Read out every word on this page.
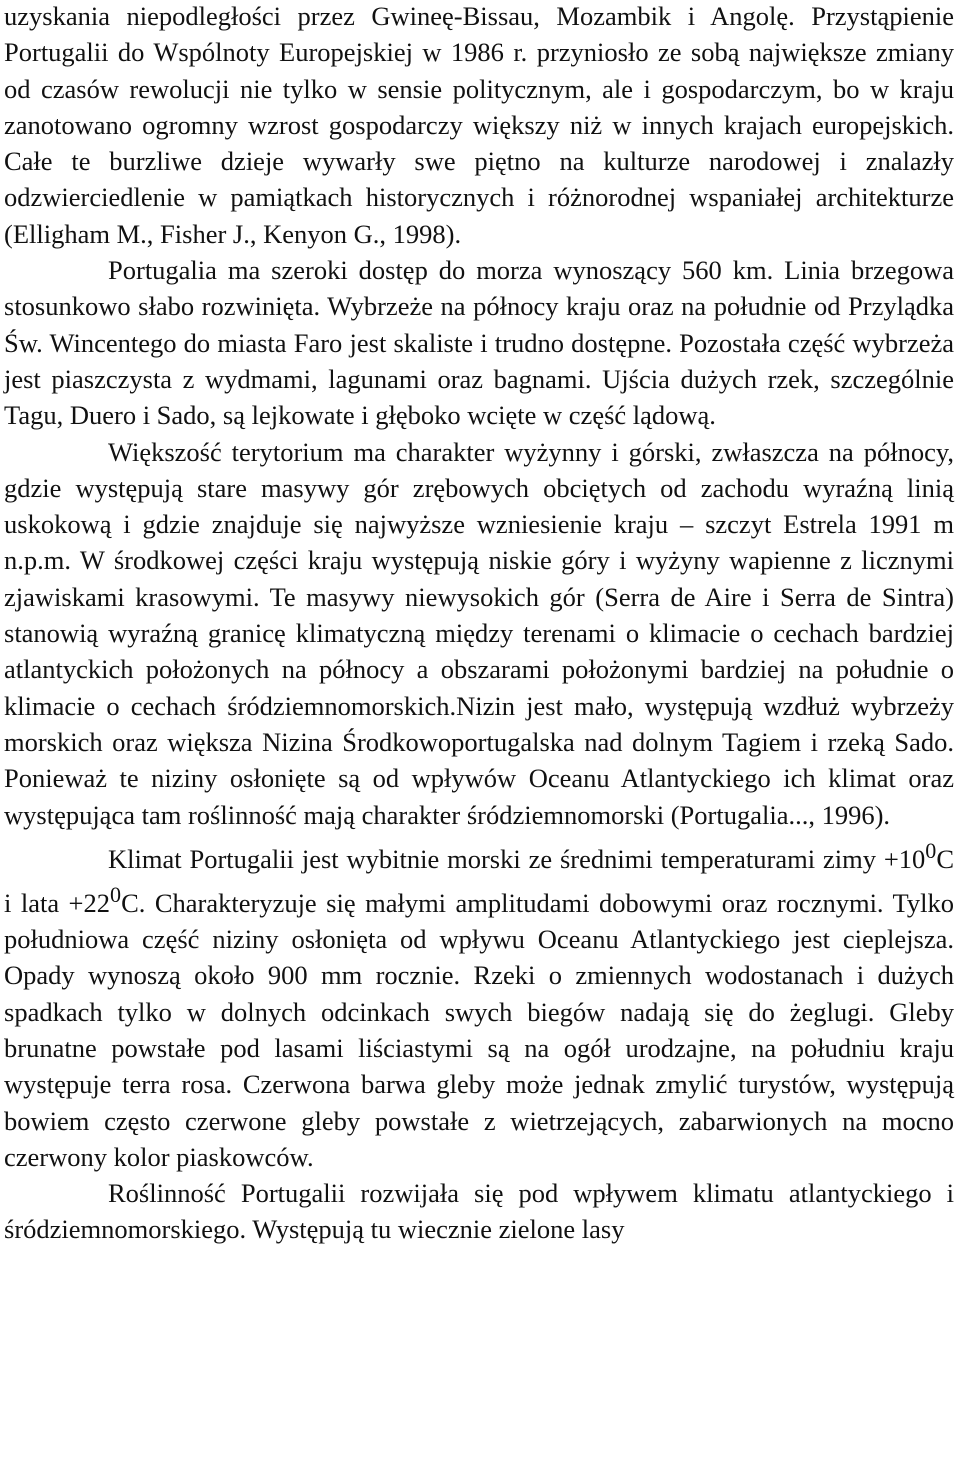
uzyskania niepodległości przez Gwineę-Bissau, Mozambik i Angolę. Przystąpienie Portugalii do Wspólnoty Europejskiej w 1986 r. przyniosło ze sobą największe zmiany od czasów rewolucji nie tylko w sensie politycznym, ale i gospodarczym, bo w kraju zanotowano ogromny wzrost gospodarczy większy niż w innych krajach europejskich. Całe te burzliwe dzieje wywarły swe piętno na kulturze narodowej i znalazły odzwierciedlenie w pamiątkach historycznych i różnorodnej wspaniałej architekturze (Elligham M., Fisher J., Kenyon G., 1998).

Portugalia ma szeroki dostęp do morza wynoszący 560 km. Linia brzegowa stosunkowo słabo rozwinięta. Wybrzeże na północy kraju oraz na południe od Przylądka Św. Wincentego do miasta Faro jest skaliste i trudno dostępne. Pozostała część wybrzeża jest piaszczysta z wydmami, lagunami oraz bagnami. Ujścia dużych rzek, szczególnie Tagu, Duero i Sado, są lejkowate i głęboko wcięte w część lądową.

Większość terytorium ma charakter wyżynny i górski, zwłaszcza na północy, gdzie występują stare masywy gór zrębowych obciętych od zachodu wyraźną linią uskokową i gdzie znajduje się najwyższe wzniesienie kraju – szczyt Estrela 1991 m n.p.m. W środkowej części kraju występują niskie góry i wyżyny wapienne z licznymi zjawiskami krasowymi. Te masywy niewysokich gór (Serra de Aire i Serra de Sintra) stanowią wyraźną granicę klimatyczną między terenami o klimacie o cechach bardziej atlantyckich położonych na północy a obszarami położonymi bardziej na południe o klimacie o cechach śródziemnomorskich.Nizin jest mało, występują wzdłuż wybrzeży morskich oraz większa Nizina Środkowoportugalska nad dolnym Tagiem i rzeką Sado. Ponieważ te niziny osłonięte są od wpływów Oceanu Atlantyckiego ich klimat oraz występująca tam roślinność mają charakter śródziemnomorski (Portugalia..., 1996).

Klimat Portugalii jest wybitnie morski ze średnimi temperaturami zimy $+10^0C$ i lata $+22^0C$. Charakteryzuje się małymi amplitudami dobowymi oraz rocznymi. Tylko południowa część niziny osłonięta od wpływu Oceanu Atlantyckiego jest cieplejsza. Opady wynoszą około 900 mm rocznie. Rzeki o zmiennych wodostanach i dużych spadkach tylko w dolnych odcinkach swych biegów nadają się do żeglugi. Gleby brunatne powstałe pod lasami liściastymi są na ogół urodzajne, na południu kraju występuje terra rosa. Czerwona barwa gleby może jednak zmylić turystów, występują bowiem często czerwone gleby powstałe z wietrzejących, zabarwionych na mocno czerwony kolor piaskowców.

Roślinność Portugalii rozwijała się pod wpływem klimatu atlantyckiego i śródziemnomorskiego. Występują tu wiecznie zielone lasy
